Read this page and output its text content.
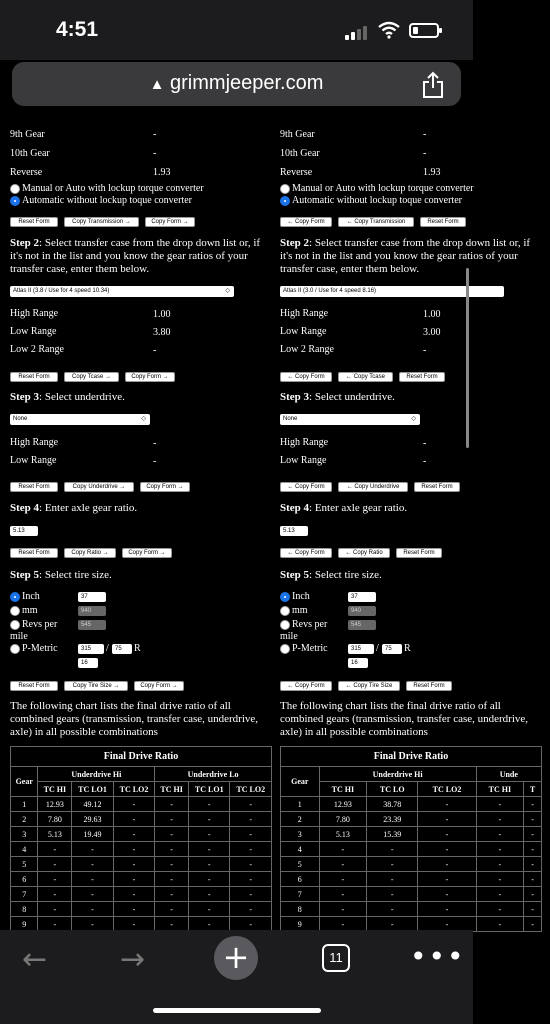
4:51
▲ grimmjeeper.com

9th Gear	-
10th Gear	-
Reverse	1.93
Manual or Auto with lockup torque converter
Automatic without lockup toque converter
Reset Form	Copy Transmission →	Copy Form →
Step 2: Select transfer case from the drop down list or, if it's not in the list and you know the gear ratios of your transfer case, enter them below.
Atlas II (3.8 / Use for 4 speed 10.34)	◇
High Range	1.00
Low Range	3.80
Low 2 Range	-
Reset Form	Copy Tcase →	Copy Form →
Step 3: Select underdrive.
None	◇
High Range	-
Low Range	-
Reset Form	Copy Underdrive →	Copy Form →
Step 4: Enter axle gear ratio.
5.13
Reset Form	Copy Ratio →	Copy Form →
Step 5: Select tire size.
Inch	37
mm	940
Revs per
mile
545
P-Metric	315	/	75	R
16
Reset Form	Copy Tire Size →	Copy Form →
The following chart lists the final drive ratio of all combined gears (transmission, transfer case, underdrive, axle) in all possible combinations
Final Drive Ratio						
Gear	Underdrive Hi			Underdrive Lo		
	TC HI	TC LO1	TC LO2	TC HI	TC LO1	TC LO2
1	12.93	49.12	-	-	-	-
2	7.80	29.63	-	-	-	-
3	5.13	19.49	-	-	-	-
4	-	-	-	-	-	-
5	-	-	-	-	-	-
6	-	-	-	-	-	-
7	-	-	-	-	-	-
8	-	-	-	-	-	-
9	-	-	-	-	-	-
9th Gear	-
10th Gear	-
Reverse	1.93
Manual or Auto with lockup torque converter
Automatic without lockup toque converter
← Copy Form	← Copy Transmission	Reset Form
Step 2: Select transfer case from the drop down list or, if it's not in the list and you know the gear ratios of your transfer case, enter them below.
Atlas II (3.0 / Use for 4 speed 8.16)
High Range	1.00
Low Range	3.00
Low 2 Range	-
← Copy Form	← Copy Tcase	Reset Form
Step 3: Select underdrive.
None	◇
High Range	-
Low Range	-
← Copy Form	← Copy Underdrive	Reset Form
Step 4: Enter axle gear ratio.
5.13
← Copy Form	← Copy Ratio	Reset Form
Step 5: Select tire size.
Inch	37
mm	940
Revs per
mile
545
P-Metric	315	/	75	R
16
← Copy Form	← Copy Tire Size	Reset Form
The following chart lists the final drive ratio of all combined gears (transmission, transfer case, underdrive, axle) in all possible combinations
Final Drive Ratio					
Gear	Underdrive Hi			Unde	
	TC HI	TC LO	TC LO2	TC HI	T
1	12.93	38.78	-	-	-
2	7.80	23.39	-	-	-
3	5.13	15.39	-	-	-
4	-	-	-	-	-
5	-	-	-	-	-
6	-	-	-	-	-
7	-	-	-	-	-
8	-	-	-	-	-
9	-	-	-	-	-
← → +	11 •••
